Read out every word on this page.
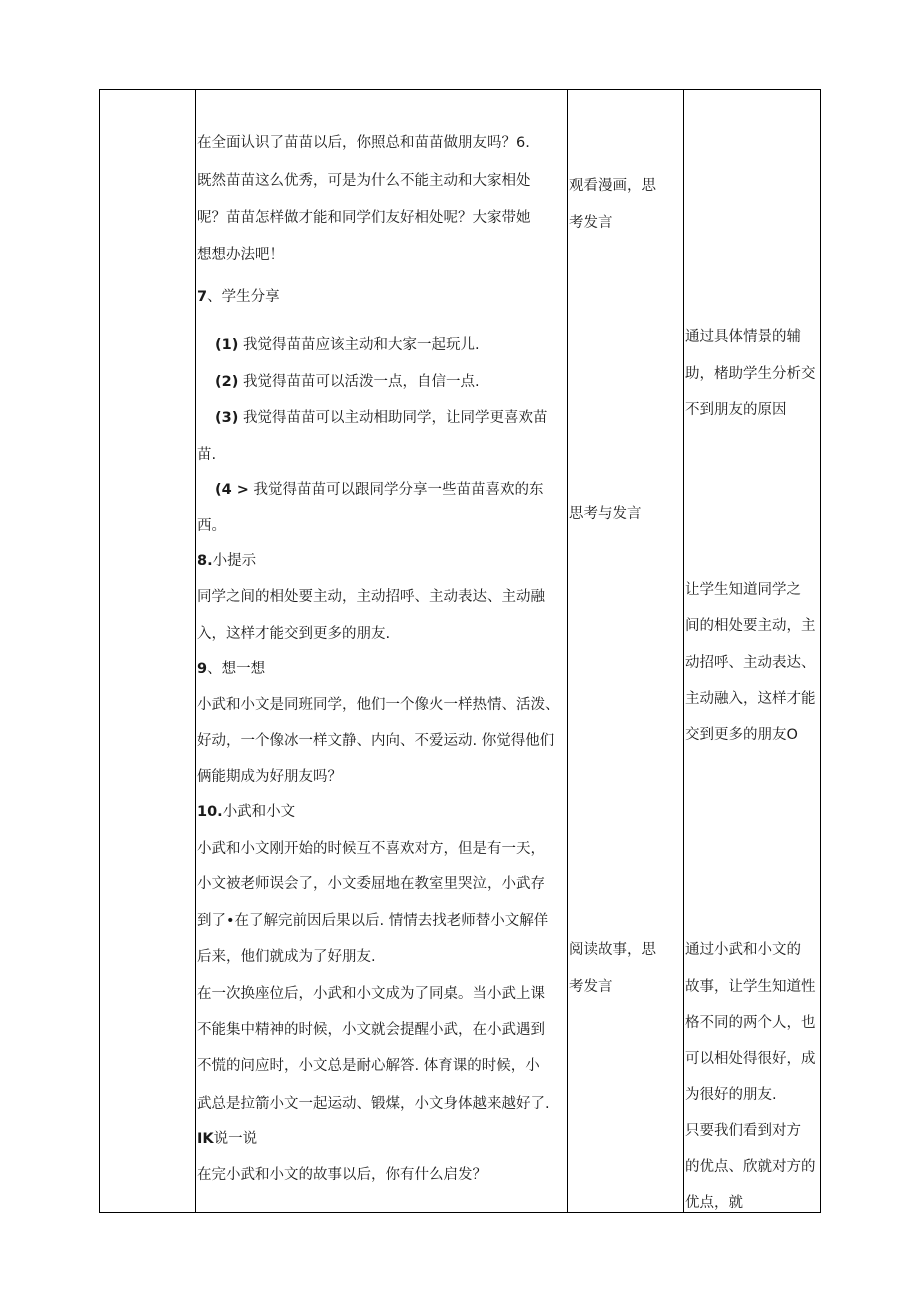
在全面认识了苗苗以后，你照总和苗苗做朋友吗？6.
既然苗苗这么优秀，可是为什么不能主动和大家相处
呢？苗苗怎样做才能和同学们友好相处呢？大家带她
想想办法吧！
7、学生分享
(1) 我觉得苗苗应该主动和大家一起玩儿.
(2) 我觉得苗苗可以活泼一点，自信一点.
(3) 我觉得苗苗可以主动相助同学，让同学更喜欢苗
苗.
(4 > 我觉得苗苗可以跟同学分享一些苗苗喜欢的东
西。
8.小提示
同学之间的相处要主动，主动招呼、主动表达、主动融
入，这样才能交到更多的朋友.
9、想一想
小武和小文是同班同学，他们一个像火一样热情、活泼、
好动，一个像冰一样文静、内向、不爱运动. 你觉得他们
俩能期成为好朋友吗？
10.小武和小文
小武和小文刚开始的时候互不喜欢对方，但是有一天，
小文被老师误会了，小文委屈地在教室里哭泣，小武存
到了•在了解完前因后果以后. 情情去找老师替小文解佯
后来，他们就成为了好朋友.
在一次换座位后，小武和小文成为了同桌。当小武上课
不能集中精神的时候，小文就会提醒小武，在小武遇到
不慌的问应时，小文总是耐心解答. 体育课的时候，小
武总是拉箭小文一起运动、锻煤，小文身体越来越好了.
IK说一说
在完小武和小文的故事以后，你有什么启发？
观看漫画，思
考发言
思考与发言
阅读故事，思
考发言
通过具体情景的辅
助，楮助学生分析交
不到朋友的原因
让学生知道同学之
间的相处要主动，主
动招呼、主动表达、
主动融入，这样才能
交到更多的朋友O
通过小武和小文的
故事，让学生知道性
格不同的两个人，也
可以相处得很好，成
为很好的朋友.
只要我们看到对方
的优点、欣就对方的
优点，就
